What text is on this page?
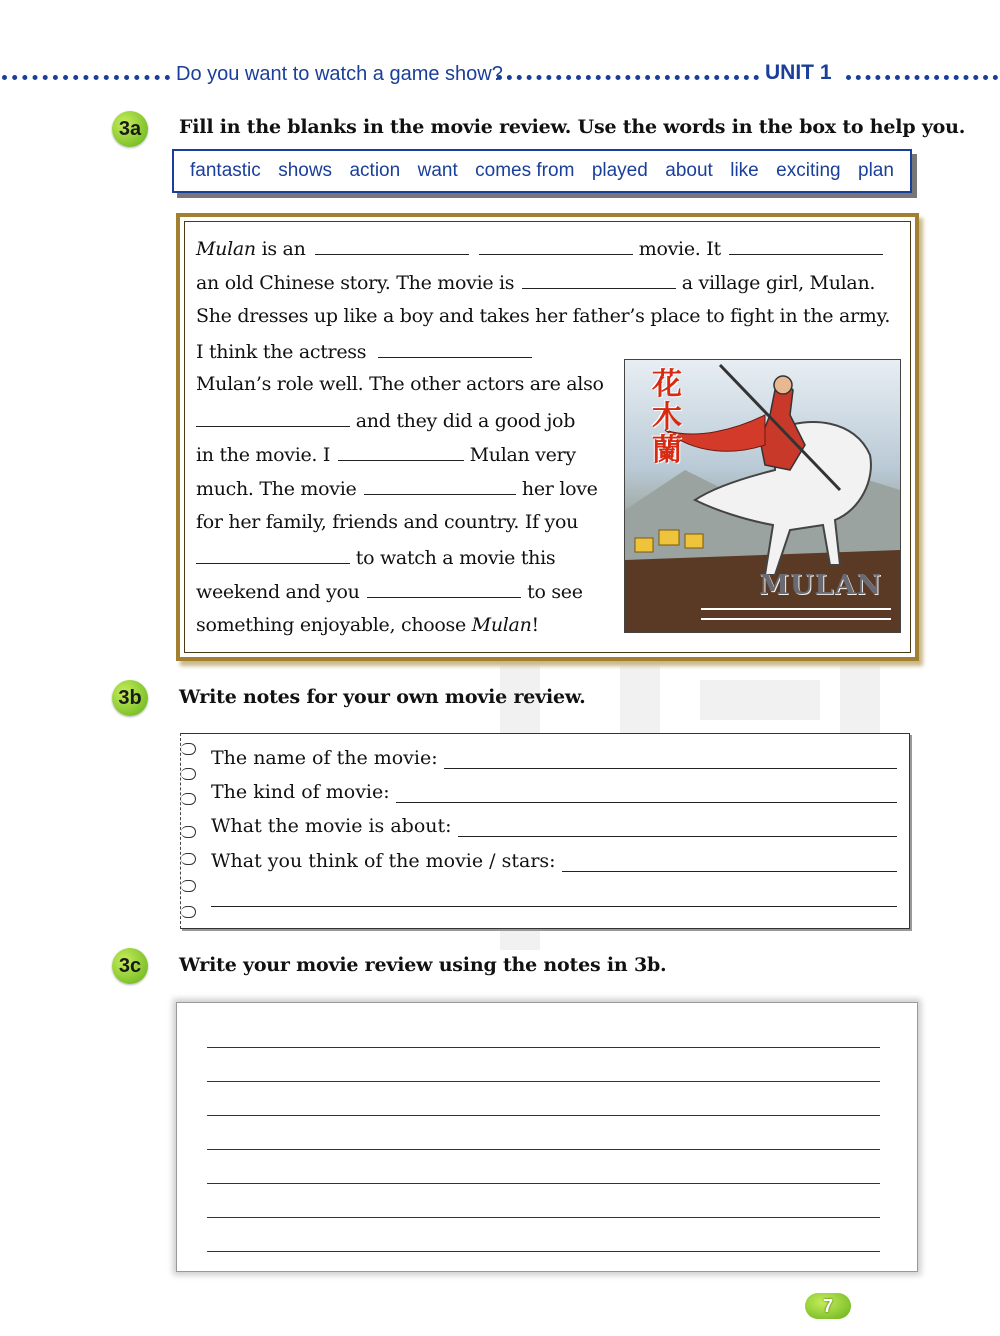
Do you want to watch a game show?	UNIT 1
3a	Fill in the blanks in the movie review. Use the words in the box to help you.
fantastic shows action want comes from played about like exciting plan
Mulan is an	movie. It
an old Chinese story. The movie is	a village girl, Mulan.
She dresses up like a boy and takes her father’s place to fight in the army.
I think the actress
Mulan’s role well. The other actors are also
and they did a good job
in the movie. I	Mulan very
much. The movie	her love
for her family, friends and country. If you
to watch a movie this
weekend and you	to see
something enjoyable, choose Mulan!
花木蘭
MULAN
3b	Write notes for your own movie review.
The name of the movie:
The kind of movie:
What the movie is about:
What you think of the movie / stars:
3c	Write your movie review using the notes in 3b.
7
